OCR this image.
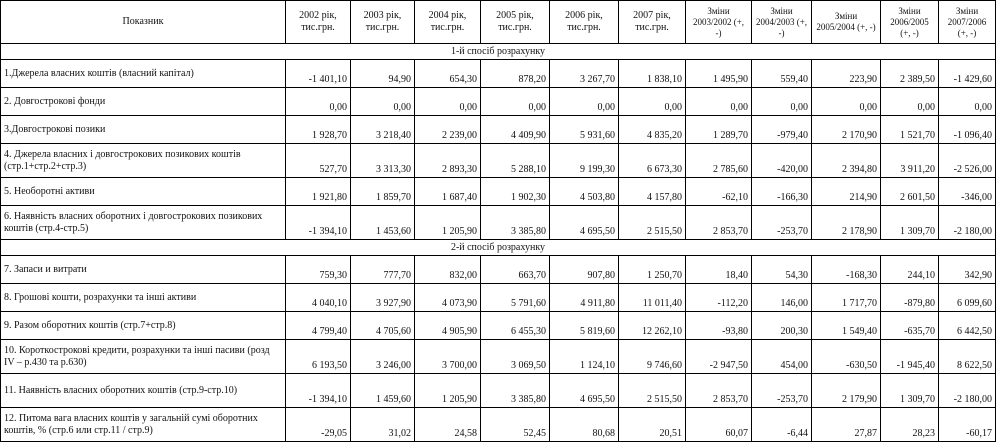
Показник	2002 рік, тис.грн.	2003 рік, тис.грн.	2004 рік, тис.грн.	2005 рік, тис.грн.	2006 рік, тис.грн.	2007 рік, тис.грн.	Зміни 2003/2002 (+, -)	Зміни 2004/2003 (+, -)	Зміни 2005/2004 (+, -)	Зміни 2006/2005 (+, -)	Зміни 2007/2006 (+, -)
1-й спосіб розрахунку											
1.Джерела власних коштів (власний капітал)	-1 401,10	94,90	654,30	878,20	3 267,70	1 838,10	1 495,90	559,40	223,90	2 389,50	-1 429,60
2. Довгострокові фонди	0,00	0,00	0,00	0,00	0,00	0,00	0,00	0,00	0,00	0,00	0,00
3.Довгострокові позики	1 928,70	3 218,40	2 239,00	4 409,90	5 931,60	4 835,20	1 289,70	-979,40	2 170,90	1 521,70	-1 096,40
4. Джерела власних і довгострокових позикових коштів (стр.1+стр.2+стр.3)	527,70	3 313,30	2 893,30	5 288,10	9 199,30	6 673,30	2 785,60	-420,00	2 394,80	3 911,20	-2 526,00
5. Необоротні активи	1 921,80	1 859,70	1 687,40	1 902,30	4 503,80	4 157,80	-62,10	-166,30	214,90	2 601,50	-346,00
6. Наявність власних оборотних і довгострокових позикових коштів (стр.4-стр.5)	-1 394,10	1 453,60	1 205,90	3 385,80	4 695,50	2 515,50	2 853,70	-253,70	2 178,90	1 309,70	-2 180,00
2-й спосіб розрахунку											
7. Запаси и витрати	759,30	777,70	832,00	663,70	907,80	1 250,70	18,40	54,30	-168,30	244,10	342,90
8. Грошові кошти, розрахунки та інші активи	4 040,10	3 927,90	4 073,90	5 791,60	4 911,80	11 011,40	-112,20	146,00	1 717,70	-879,80	6 099,60
9. Разом оборотних коштів (стр.7+стр.8)	4 799,40	4 705,60	4 905,90	6 455,30	5 819,60	12 262,10	-93,80	200,30	1 549,40	-635,70	6 442,50
10. Короткострокові кредити, розрахунки та інші пасиви (розд IV – p.430 та р.630)	6 193,50	3 246,00	3 700,00	3 069,50	1 124,10	9 746,60	-2 947,50	454,00	-630,50	-1 945,40	8 622,50
11. Наявність власних оборотних коштів (стр.9-стр.10)	-1 394,10	1 459,60	1 205,90	3 385,80	4 695,50	2 515,50	2 853,70	-253,70	2 179,90	1 309,70	-2 180,00
12. Питома вага власних коштів у загальній сумі оборотних коштів, % (стр.6 или стр.11 / стр.9)	-29,05	31,02	24,58	52,45	80,68	20,51	60,07	-6,44	27,87	28,23	-60,17
